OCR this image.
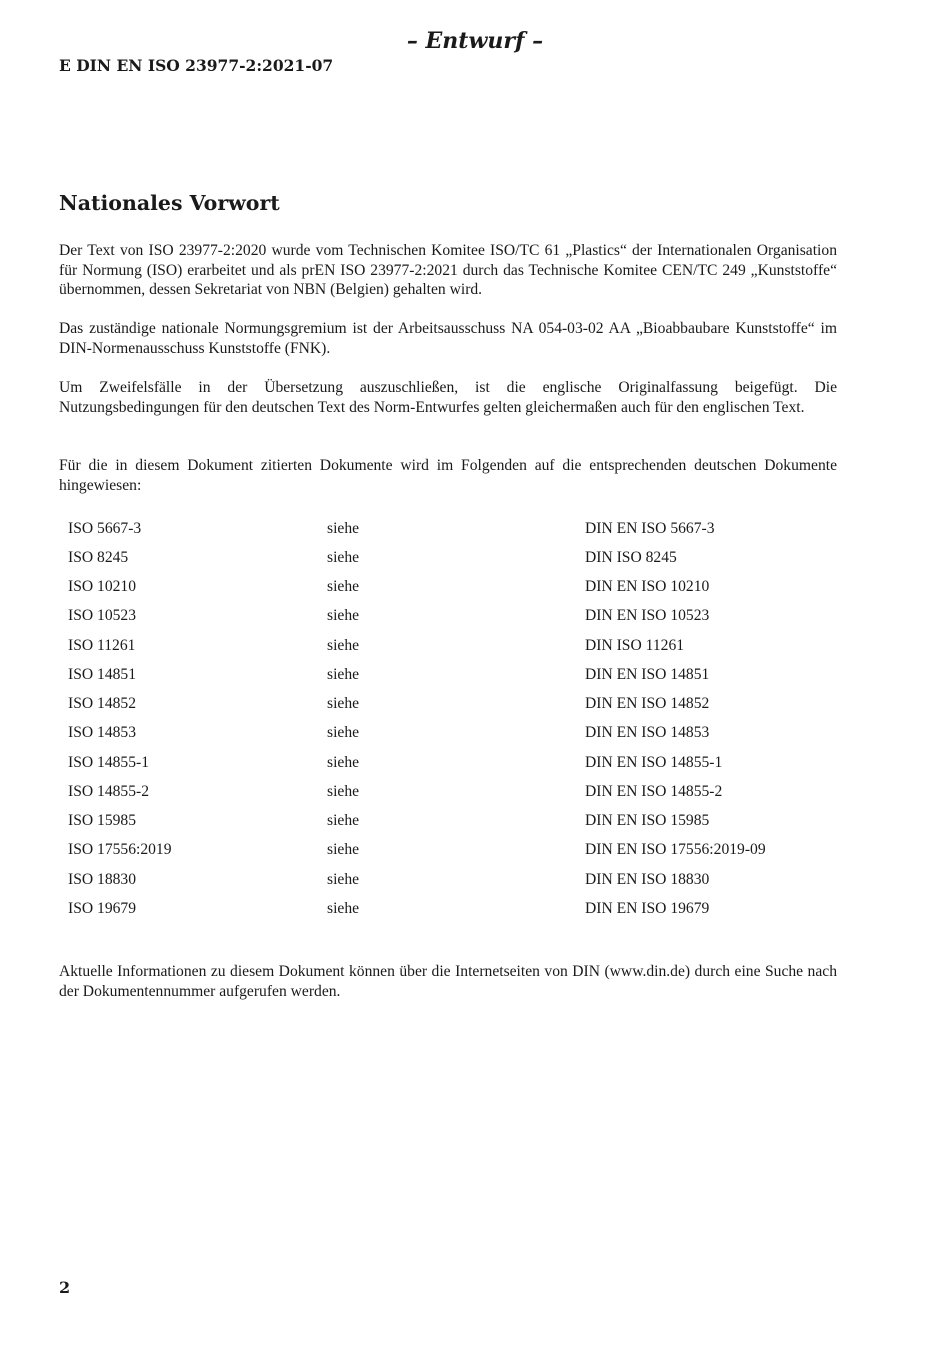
– Entwurf –
E DIN EN ISO 23977-2:2021-07
Nationales Vorwort

Der Text von ISO 23977-2:2020 wurde vom Technischen Komitee ISO/TC 61 „Plastics“ der Internationalen Organisation für Normung (ISO) erarbeitet und als prEN ISO 23977-2:2021 durch das Technische Komitee CEN/TC 249 „Kunststoffe“ übernommen, dessen Sekretariat von NBN (Belgien) gehalten wird.

Das zuständige nationale Normungsgremium ist der Arbeitsausschuss NA 054-03-02 AA „Bioabbaubare Kunststoffe“ im DIN-Normenausschuss Kunststoffe (FNK).

Um Zweifelsfälle in der Übersetzung auszuschließen, ist die englische Originalfassung beigefügt. Die Nutzungsbedingungen für den deutschen Text des Norm-Entwurfes gelten gleichermaßen auch für den englischen Text.

Für die in diesem Dokument zitierten Dokumente wird im Folgenden auf die entsprechenden deutschen Dokumente hingewiesen:

ISO 5667-3	siehe	DIN EN ISO 5667-3
ISO 8245	siehe	DIN ISO 8245
ISO 10210	siehe	DIN EN ISO 10210
ISO 10523	siehe	DIN EN ISO 10523
ISO 11261	siehe	DIN ISO 11261
ISO 14851	siehe	DIN EN ISO 14851
ISO 14852	siehe	DIN EN ISO 14852
ISO 14853	siehe	DIN EN ISO 14853
ISO 14855-1	siehe	DIN EN ISO 14855-1
ISO 14855-2	siehe	DIN EN ISO 14855-2
ISO 15985	siehe	DIN EN ISO 15985
ISO 17556:2019	siehe	DIN EN ISO 17556:2019-09
ISO 18830	siehe	DIN EN ISO 18830
ISO 19679	siehe	DIN EN ISO 19679

Aktuelle Informationen zu diesem Dokument können über die Internetseiten von DIN (www.din.de) durch eine Suche nach der Dokumentennummer aufgerufen werden.

2
